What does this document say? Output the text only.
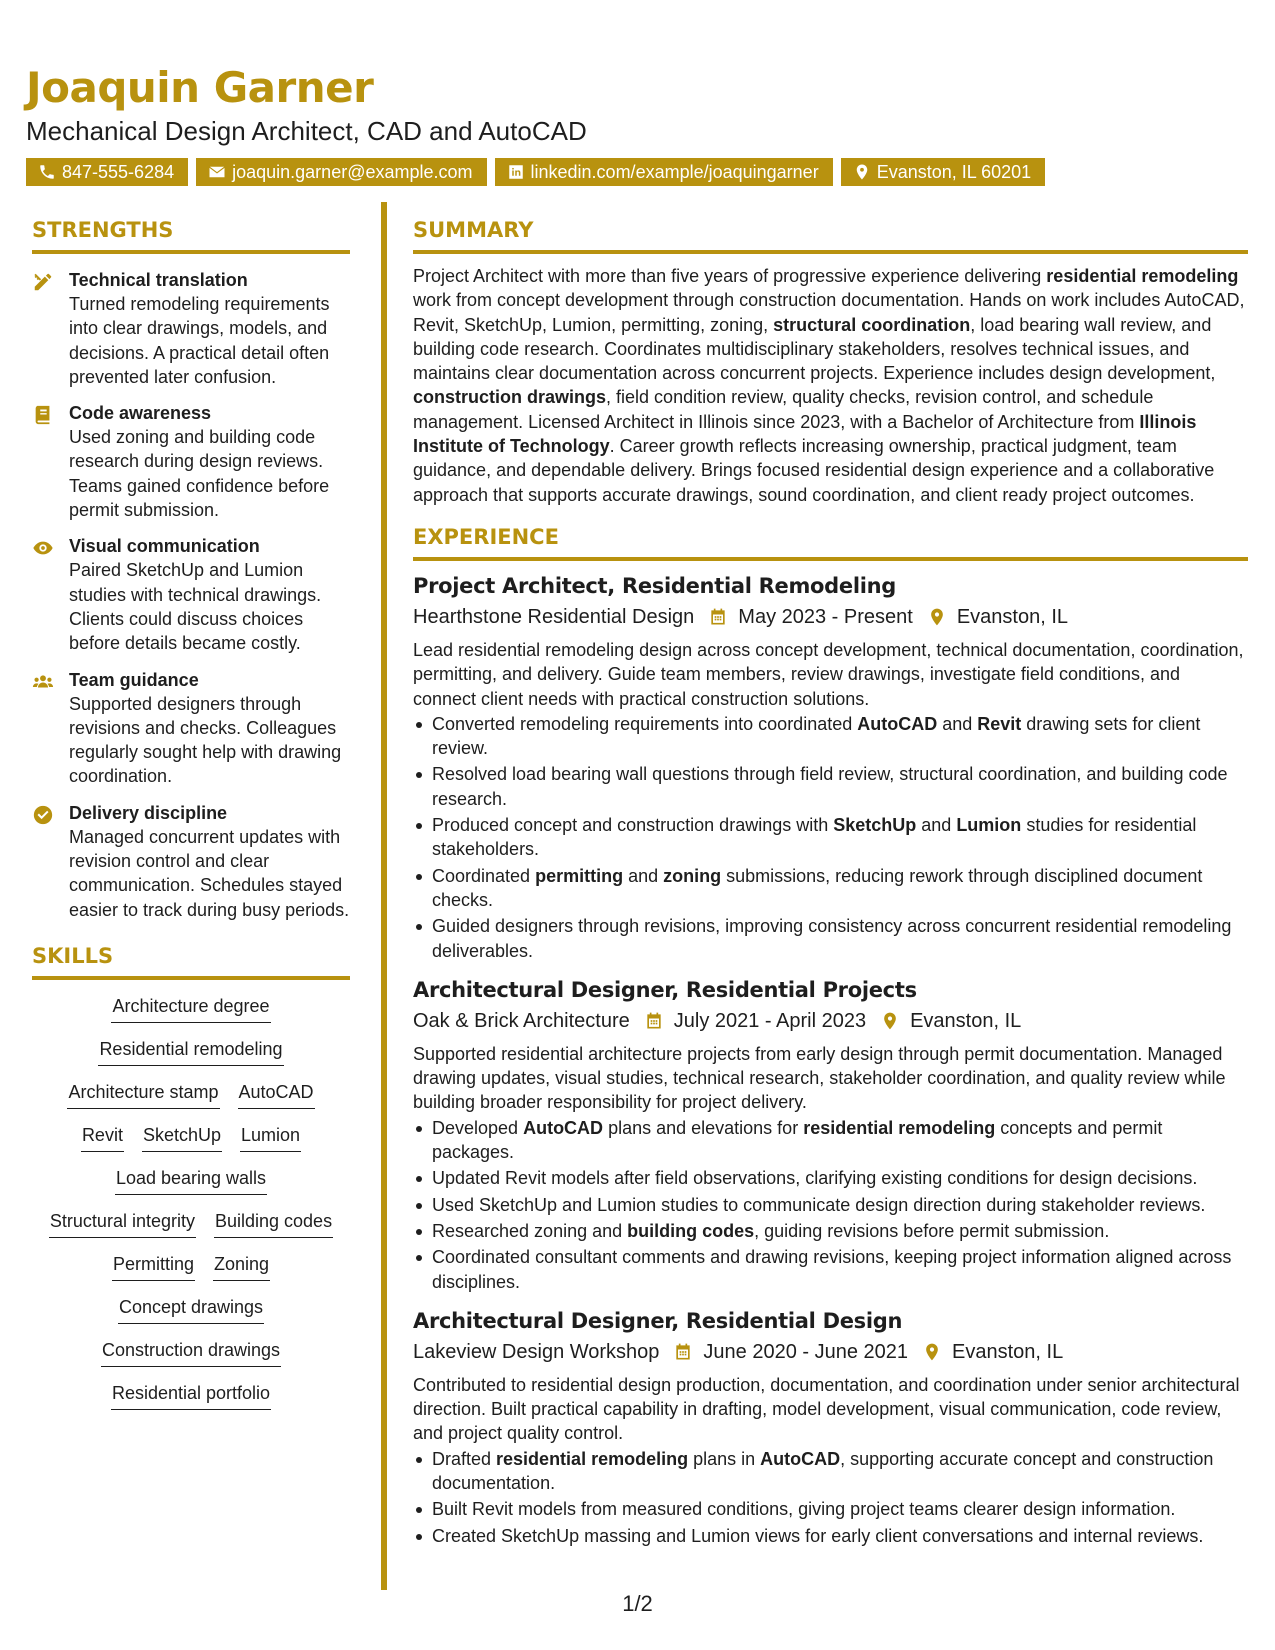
Joaquin Garner
Mechanical Design Architect, CAD and AutoCAD
847-555-6284	joaquin.garner@example.com	linkedin.com/example/joaquingarner	Evanston, IL 60201
STRENGTHS
Technical translation
Turned remodeling requirements into clear drawings, models, and decisions. A practical detail often prevented later confusion.
Code awareness
Used zoning and building code research during design reviews. Teams gained confidence before permit submission.
Visual communication
Paired SketchUp and Lumion studies with technical drawings. Clients could discuss choices before details became costly.
Team guidance
Supported designers through revisions and checks. Colleagues regularly sought help with drawing coordination.
Delivery discipline
Managed concurrent updates with revision control and clear communication. Schedules stayed easier to track during busy periods.
SKILLS
Architecture degree
Residential remodeling
Architecture stamp AutoCAD
Revit SketchUp Lumion
Load bearing walls
Structural integrity Building codes
Permitting Zoning
Concept drawings
Construction drawings
Residential portfolio
SUMMARY

Project Architect with more than five years of progressive experience delivering residential remodeling work from concept development through construction documentation. Hands on work includes AutoCAD, Revit, SketchUp, Lumion, permitting, zoning, structural coordination, load bearing wall review, and building code research. Coordinates multidisciplinary stakeholders, resolves technical issues, and maintains clear documentation across concurrent projects. Experience includes design development, construction drawings, field condition review, quality checks, revision control, and schedule management. Licensed Architect in Illinois since 2023, with a Bachelor of Architecture from Illinois Institute of Technology. Career growth reflects increasing ownership, practical judgment, team guidance, and dependable delivery. Brings focused residential design experience and a collaborative approach that supports accurate drawings, sound coordination, and client ready project outcomes.

EXPERIENCE
Project Architect, Residential Remodeling
Hearthstone Residential Design May 2023 - Present Evanston, IL
Lead residential remodeling design across concept development, technical documentation, coordination, permitting, and delivery. Guide team members, review drawings, investigate field conditions, and connect client needs with practical construction solutions.
Converted remodeling requirements into coordinated AutoCAD and Revit drawing sets for client review.
Resolved load bearing wall questions through field review, structural coordination, and building code research.
Produced concept and construction drawings with SketchUp and Lumion studies for residential stakeholders.
Coordinated permitting and zoning submissions, reducing rework through disciplined document checks.
Guided designers through revisions, improving consistency across concurrent residential remodeling deliverables.
Architectural Designer, Residential Projects
Oak & Brick Architecture July 2021 - April 2023 Evanston, IL
Supported residential architecture projects from early design through permit documentation. Managed drawing updates, visual studies, technical research, stakeholder coordination, and quality review while building broader responsibility for project delivery.
Developed AutoCAD plans and elevations for residential remodeling concepts and permit packages.
Updated Revit models after field observations, clarifying existing conditions for design decisions.
Used SketchUp and Lumion studies to communicate design direction during stakeholder reviews.
Researched zoning and building codes, guiding revisions before permit submission.
Coordinated consultant comments and drawing revisions, keeping project information aligned across disciplines.
Architectural Designer, Residential Design
Lakeview Design Workshop June 2020 - June 2021 Evanston, IL
Contributed to residential design production, documentation, and coordination under senior architectural direction. Built practical capability in drafting, model development, visual communication, code review, and project quality control.
Drafted residential remodeling plans in AutoCAD, supporting accurate concept and construction documentation.
Built Revit models from measured conditions, giving project teams clearer design information.
Created SketchUp massing and Lumion views for early client conversations and internal reviews.
1/2
